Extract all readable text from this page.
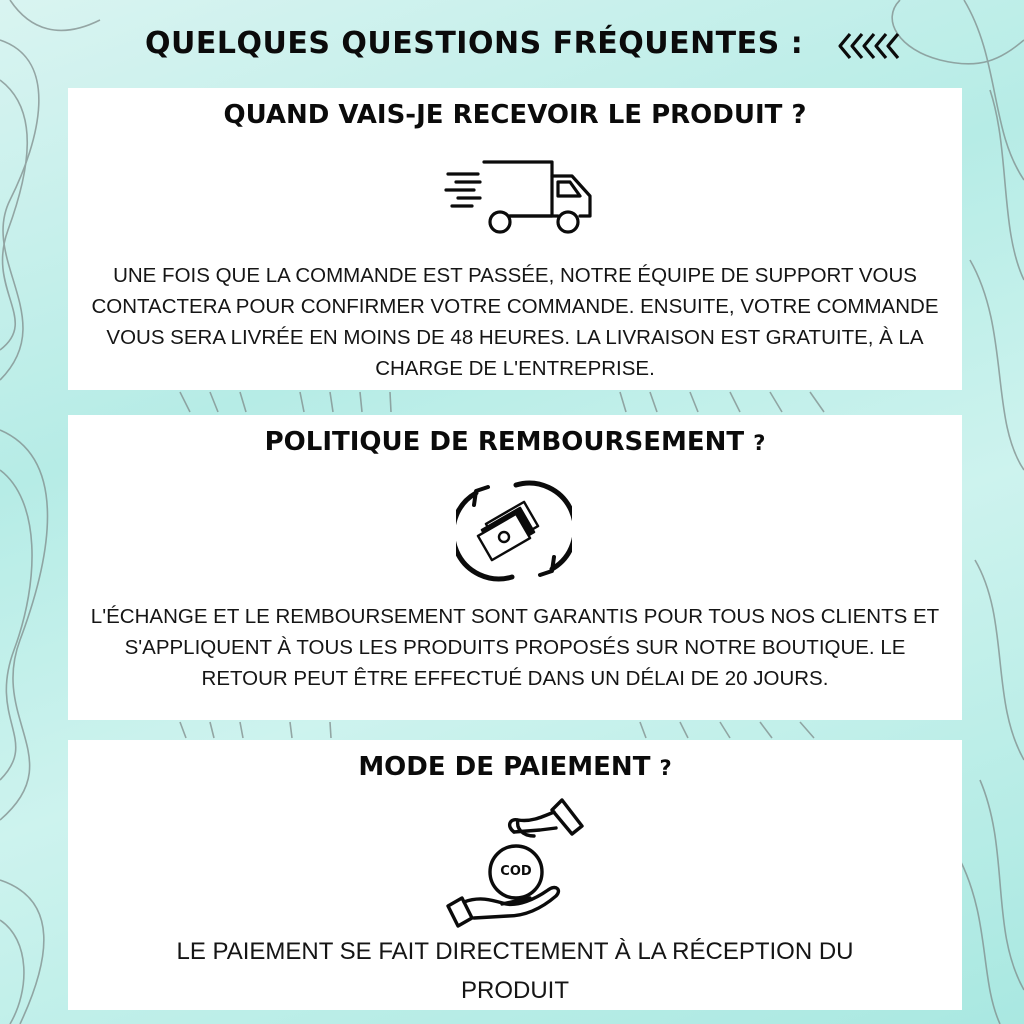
QUELQUES QUESTIONS FRÉQUENTES :
QUAND VAIS-JE RECEVOIR LE PRODUIT ?
UNE FOIS QUE LA COMMANDE EST PASSÉE, NOTRE ÉQUIPE DE SUPPORT VOUS CONTACTERA POUR CONFIRMER VOTRE COMMANDE. ENSUITE, VOTRE COMMANDE VOUS SERA LIVRÉE EN MOINS DE 48 HEURES. LA LIVRAISON EST GRATUITE, À LA CHARGE DE L'ENTREPRISE.
POLITIQUE DE REMBOURSEMENT ?
L'ÉCHANGE ET LE REMBOURSEMENT SONT GARANTIS POUR TOUS NOS CLIENTS ET S'APPLIQUENT À TOUS LES PRODUITS PROPOSÉS SUR NOTRE BOUTIQUE. LE RETOUR PEUT ÊTRE EFFECTUÉ DANS UN DÉLAI DE 20 JOURS.
MODE DE PAIEMENT ?
COD
LE PAIEMENT SE FAIT DIRECTEMENT À LA RÉCEPTION DU PRODUIT
